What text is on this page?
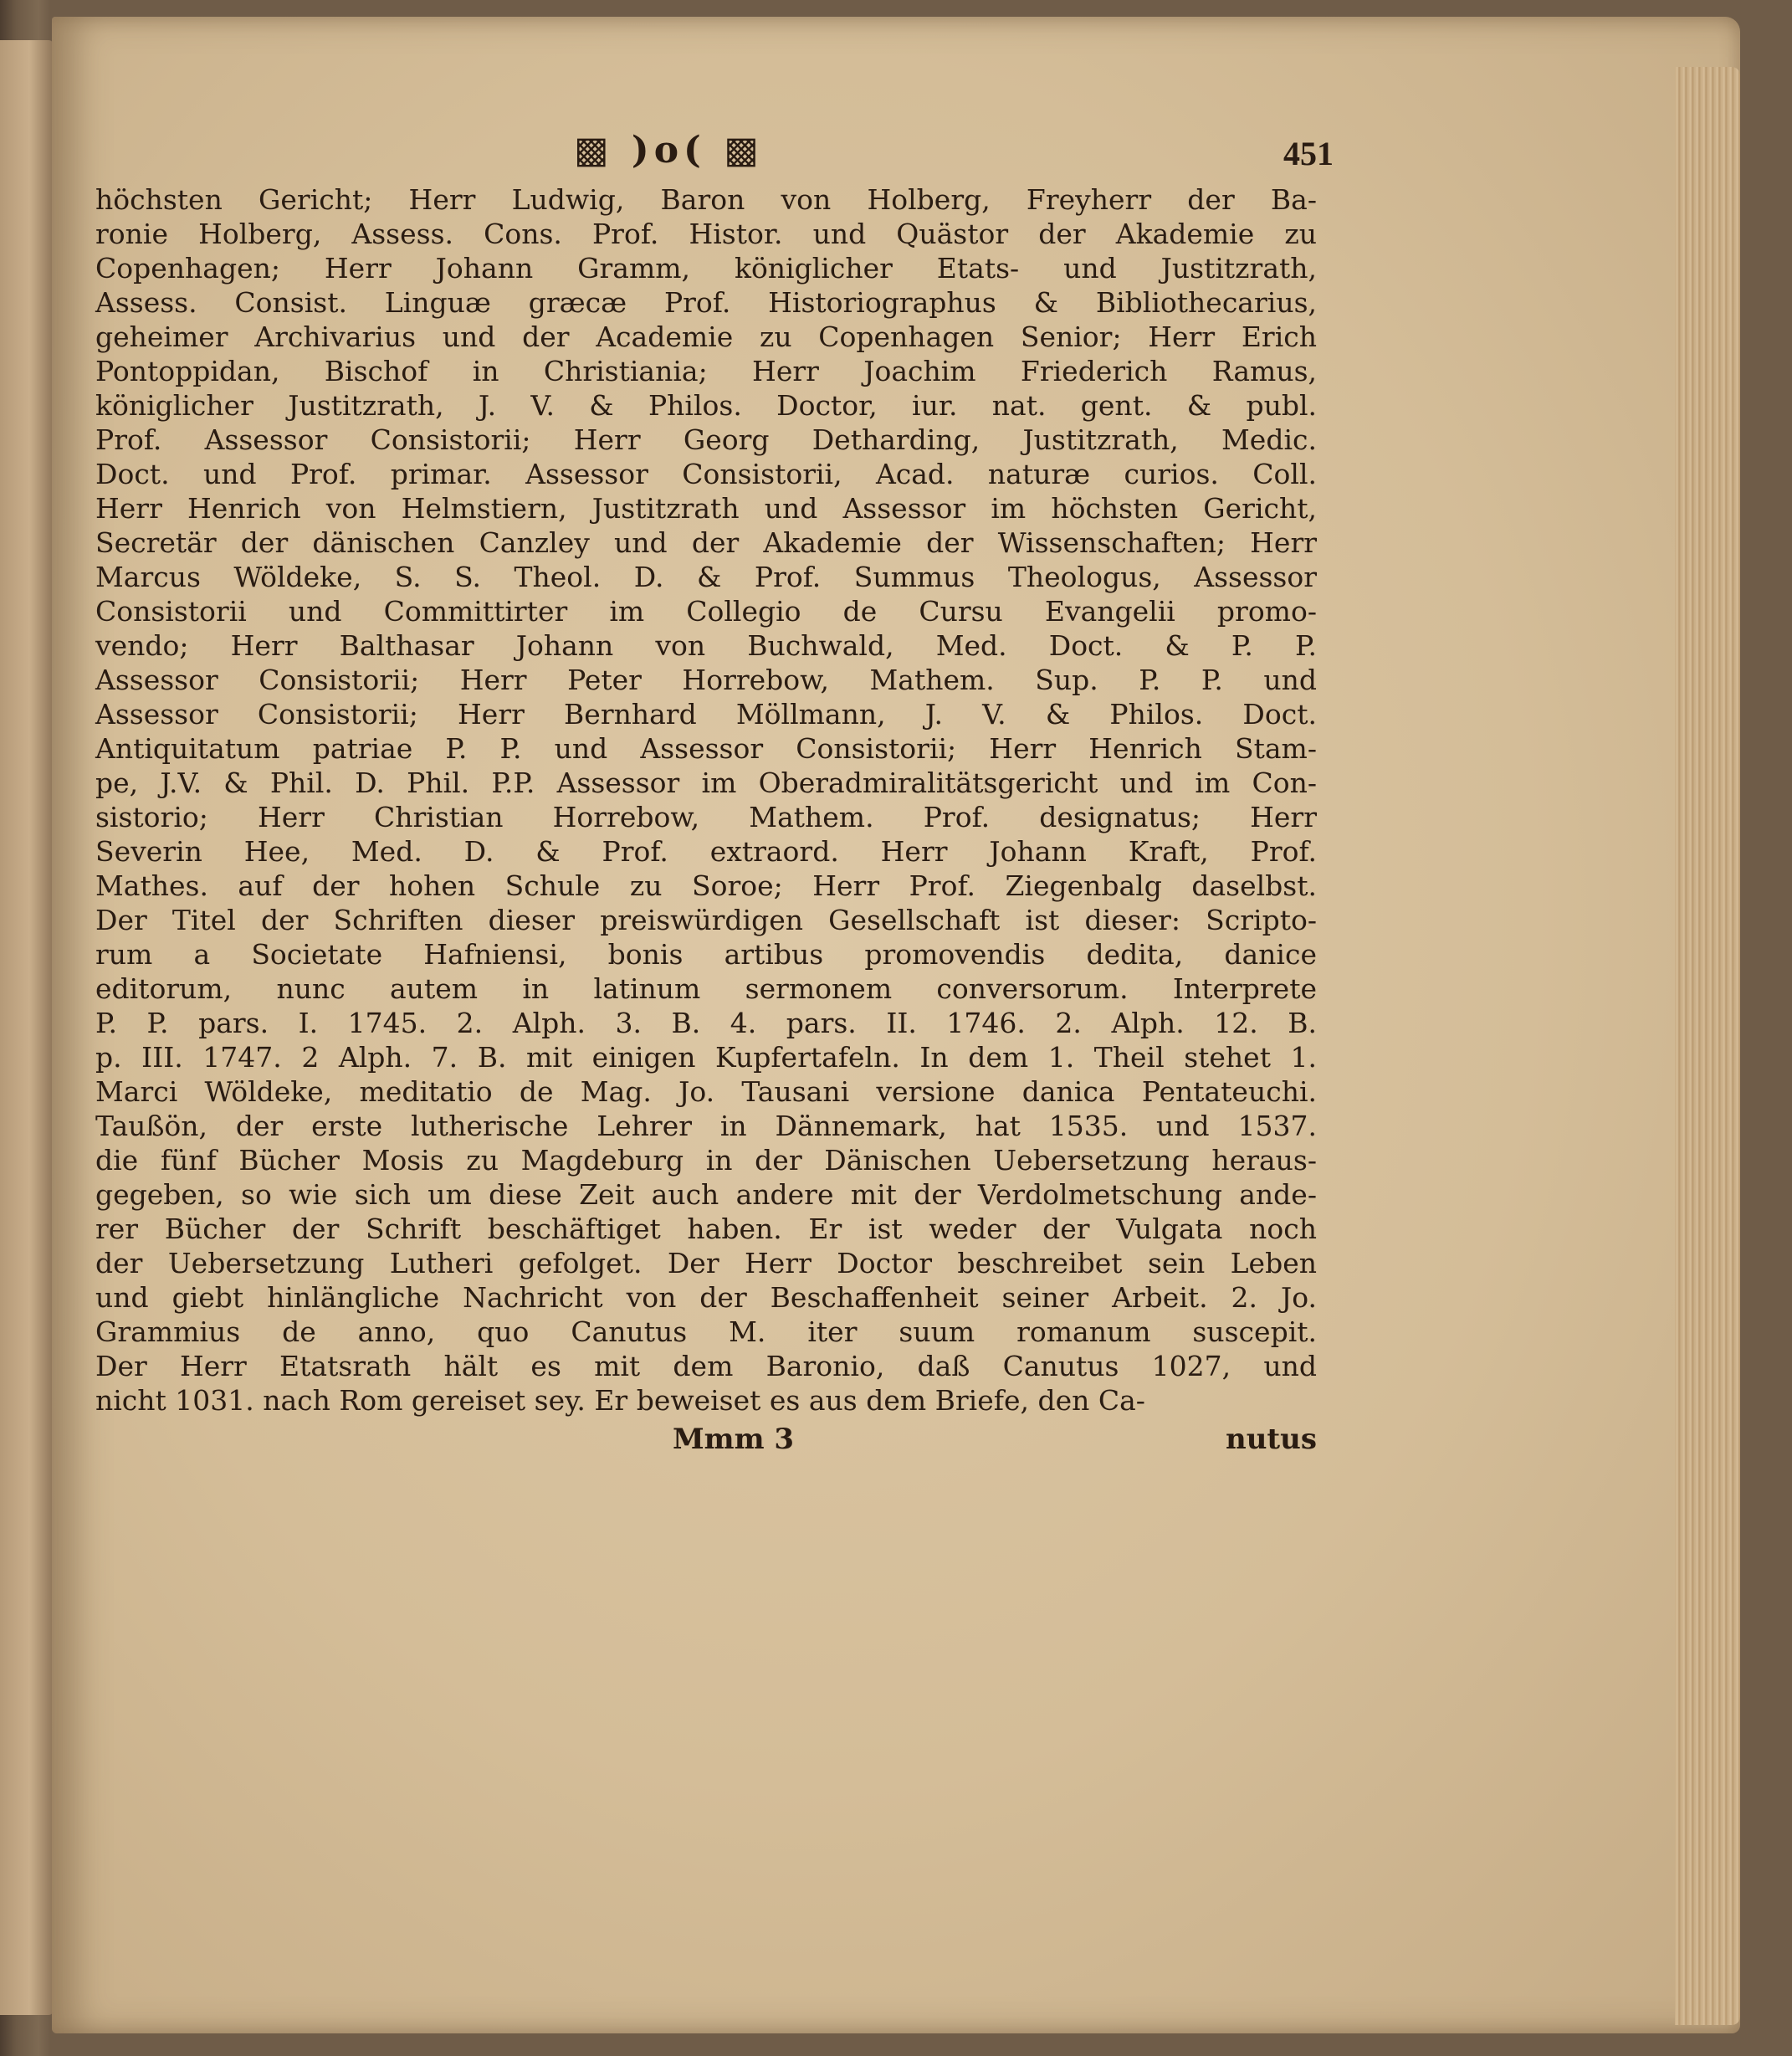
▩ )o( ▩	451
höchsten Gericht; Herr Ludwig, Baron von Holberg, Freyherr der Ba-
ronie Holberg, Assess. Cons. Prof. Histor. und Quästor der Akademie zu
Copenhagen; Herr Johann Gramm, königlicher Etats- und Justitzrath,
Assess. Consist. Linguæ græcæ Prof. Historiographus & Bibliothecarius,
geheimer Archivarius und der Academie zu Copenhagen Senior; Herr Erich
Pontoppidan, Bischof in Christiania; Herr Joachim Friederich Ramus,
königlicher Justitzrath, J. V. & Philos. Doctor, iur. nat. gent. & publ.
Prof. Assessor Consistorii; Herr Georg Detharding, Justitzrath, Medic.
Doct. und Prof. primar. Assessor Consistorii, Acad. naturæ curios. Coll.
Herr Henrich von Helmstiern, Justitzrath und Assessor im höchsten Gericht,
Secretär der dänischen Canzley und der Akademie der Wissenschaften; Herr
Marcus Wöldeke, S. S. Theol. D. & Prof. Summus Theologus, Assessor
Consistorii und Committirter im Collegio de Cursu Evangelii promo-
vendo; Herr Balthasar Johann von Buchwald, Med. Doct. & P. P.
Assessor Consistorii; Herr Peter Horrebow, Mathem. Sup. P. P. und
Assessor Consistorii; Herr Bernhard Möllmann, J. V. & Philos. Doct.
Antiquitatum patriae P. P. und Assessor Consistorii; Herr Henrich Stam-
pe, J.V. & Phil. D. Phil. P.P. Assessor im Oberadmiralitätsgericht und im Con-
sistorio; Herr Christian Horrebow, Mathem. Prof. designatus; Herr
Severin Hee, Med. D. & Prof. extraord. Herr Johann Kraft, Prof.
Mathes. auf der hohen Schule zu Soroe; Herr Prof. Ziegenbalg daselbst.
Der Titel der Schriften dieser preiswürdigen Gesellschaft ist dieser: Scripto-
rum a Societate Hafniensi, bonis artibus promovendis dedita, danice
editorum, nunc autem in latinum sermonem conversorum. Interprete
P. P. pars. I. 1745. 2. Alph. 3. B. 4. pars. II. 1746. 2. Alph. 12. B.
p. III. 1747. 2 Alph. 7. B. mit einigen Kupfertafeln. In dem 1. Theil stehet 1.
Marci Wöldeke, meditatio de Mag. Jo. Tausani versione danica Pentateuchi.
Taußön, der erste lutherische Lehrer in Dännemark, hat 1535. und 1537.
die fünf Bücher Mosis zu Magdeburg in der Dänischen Uebersetzung heraus-
gegeben, so wie sich um diese Zeit auch andere mit der Verdolmetschung ande-
rer Bücher der Schrift beschäftiget haben. Er ist weder der Vulgata noch
der Uebersetzung Lutheri gefolget. Der Herr Doctor beschreibet sein Leben
und giebt hinlängliche Nachricht von der Beschaffenheit seiner Arbeit. 2. Jo.
Grammius de anno, quo Canutus M. iter suum romanum suscepit.
Der Herr Etatsrath hält es mit dem Baronio, daß Canutus 1027, und
nicht 1031. nach Rom gereiset sey. Er beweiset es aus dem Briefe, den Ca-
Mmm 3	nutus
